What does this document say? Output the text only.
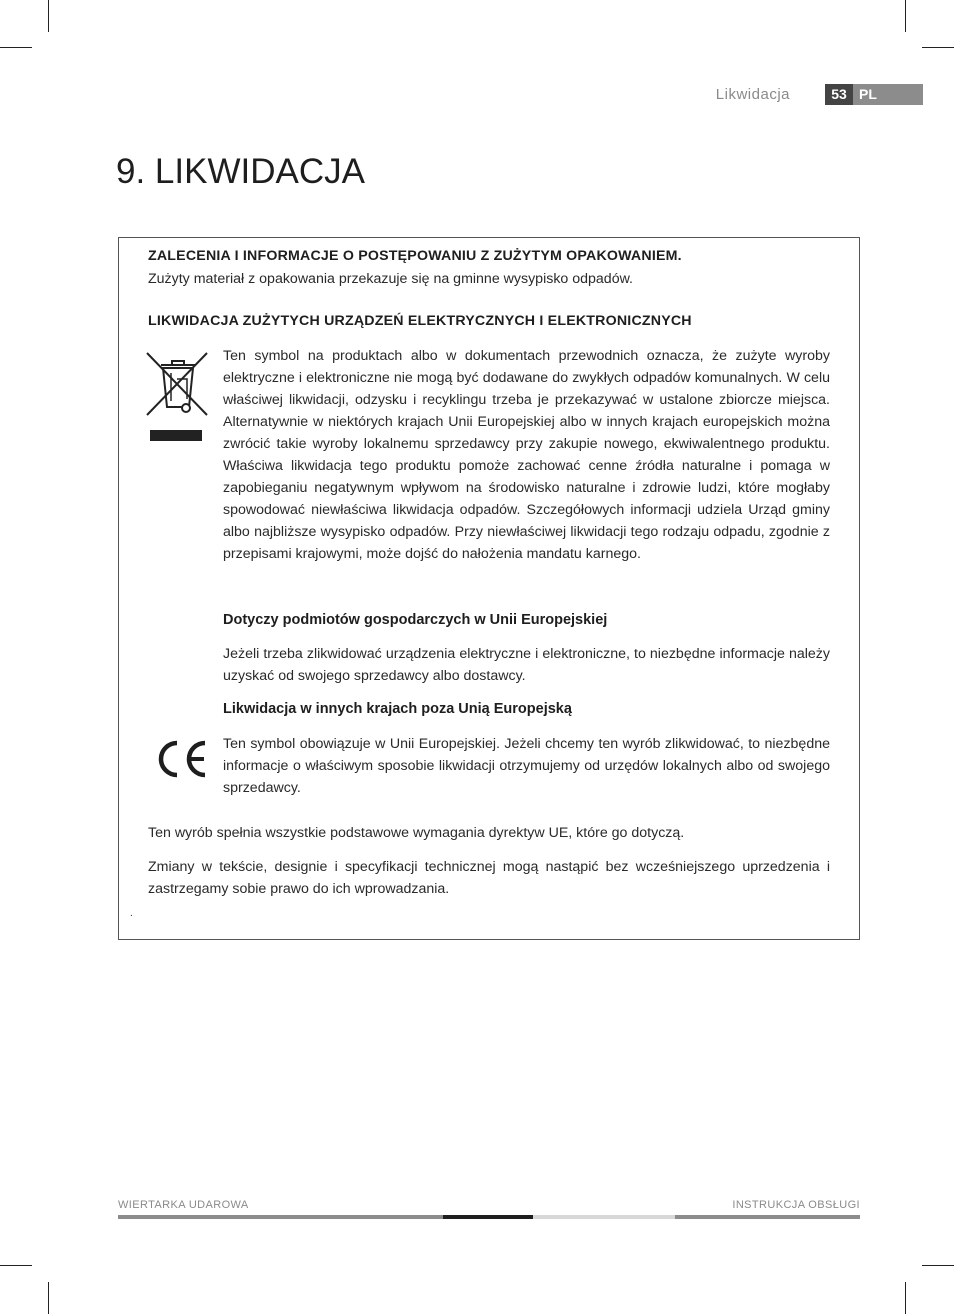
Likwidacja	53 PL
9. LIKWIDACJA
ZALECENIA I INFORMACJE O POSTĘPOWANIU Z ZUŻYTYM OPAKOWANIEM.
Zużyty materiał z opakowania przekazuje się na gminne wysypisko odpadów.
LIKWIDACJA ZUŻYTYCH URZĄDZEŃ ELEKTRYCZNYCH I ELEKTRONICZNYCH
Ten symbol na produktach albo w dokumentach przewodnich oznacza, że zużyte wyroby elektryczne i elektroniczne nie mogą być dodawane do zwykłych odpadów komunalnych. W celu właściwej likwidacji, odzysku i recyklingu trzeba je przekazywać w ustalone zbiorcze miejsca. Alternatywnie w niektórych krajach Unii Europejskiej albo w innych krajach europejskich można zwrócić takie wyroby lokalnemu sprzedawcy przy zakupie nowego, ekwiwalentnego produktu. Właściwa likwidacja tego produktu pomoże zachować cenne źródła naturalne i pomaga w zapobieganiu negatywnym wpływom na środowisko naturalne i zdrowie ludzi, które mogłaby spowodować niewłaściwa likwidacja odpadów. Szczegółowych informacji udziela Urząd gminy albo najbliższe wysypisko odpadów. Przy niewłaściwej likwidacji tego rodzaju odpadu, zgodnie z przepisami krajowymi, może dojść do nałożenia mandatu karnego.
Dotyczy podmiotów gospodarczych w Unii Europejskiej
Jeżeli trzeba zlikwidować urządzenia elektryczne i elektroniczne, to niezbędne informacje należy uzyskać od swojego sprzedawcy albo dostawcy.
Likwidacja w innych krajach poza Unią Europejską
Ten symbol obowiązuje w Unii Europejskiej. Jeżeli chcemy ten wyrób zlikwidować, to niezbędne informacje o właściwym sposobie likwidacji otrzymujemy od urzędów lokalnych albo od swojego sprzedawcy.
Ten wyrób spełnia wszystkie podstawowe wymagania dyrektyw UE, które go dotyczą.
Zmiany w tekście, designie i specyfikacji technicznej mogą nastąpić bez wcześniejszego uprzedzenia i zastrzegamy sobie prawo do ich wprowadzania.
.
WIERTARKA UDAROWA	INSTRUKCJA OBSŁUGI
